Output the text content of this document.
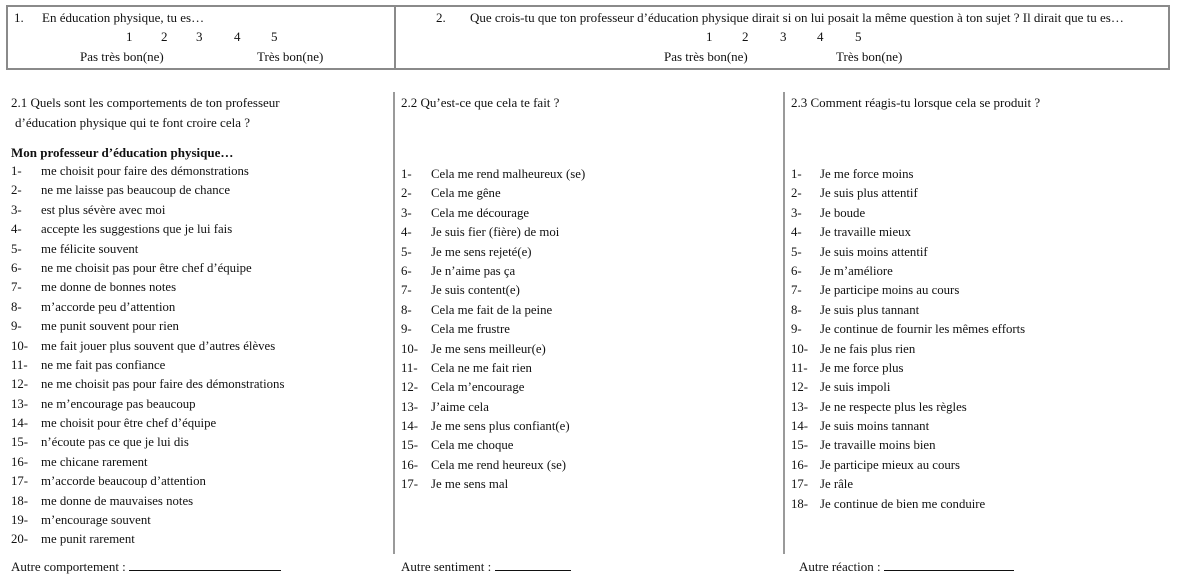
1. En éducation physique, tu es…
1 2 3 4 5
Pas très bon(ne)	Très bon(ne)
2. Que crois-tu que ton professeur d’éducation physique dirait si on lui posait la même question à ton sujet ? Il dirait que tu es…
1 2 3 4 5
Pas très bon(ne)	Très bon(ne)
2.1 Quels sont les comportements de ton professeur
d’éducation physique qui te font croire cela ?
Mon professeur d’éducation physique…
1- me choisit pour faire des démonstrations
2- ne me laisse pas beaucoup de chance
3- est plus sévère avec moi
4- accepte les suggestions que je lui fais
5- me félicite souvent
6- ne me choisit pas pour être chef d’équipe
7- me donne de bonnes notes
8- m’accorde peu d’attention
9- me punit souvent pour rien
10- me fait jouer plus souvent que d’autres élèves
11- ne me fait pas confiance
12- ne me choisit pas pour faire des démonstrations
13- ne m’encourage pas beaucoup
14- me choisit pour être chef d’équipe
15- n’écoute pas ce que je lui dis
16- me chicane rarement
17- m’accorde beaucoup d’attention
18- me donne de mauvaises notes
19- m’encourage souvent
20- me punit rarement
Autre comportement :
2.2 Qu’est-ce que cela te fait ?
1- Cela me rend malheureux (se)
2- Cela me gêne
3- Cela me décourage
4- Je suis fier (fière) de moi
5- Je me sens rejeté(e)
6- Je n’aime pas ça
7- Je suis content(e)
8- Cela me fait de la peine
9- Cela me frustre
10- Je me sens meilleur(e)
11- Cela ne me fait rien
12- Cela m’encourage
13- J’aime cela
14- Je me sens plus confiant(e)
15- Cela me choque
16- Cela me rend heureux (se)
17- Je me sens mal
Autre sentiment :
2.3 Comment réagis-tu lorsque cela se produit ?
1- Je me force moins
2- Je suis plus attentif
3- Je boude
4- Je travaille mieux
5- Je suis moins attentif
6- Je m’améliore
7- Je participe moins au cours
8- Je suis plus tannant
9- Je continue de fournir les mêmes efforts
10- Je ne fais plus rien
11- Je me force plus
12- Je suis impoli
13- Je ne respecte plus les règles
14- Je suis moins tannant
15- Je travaille moins bien
16- Je participe mieux au cours
17- Je râle
18- Je continue de bien me conduire
Autre réaction :
